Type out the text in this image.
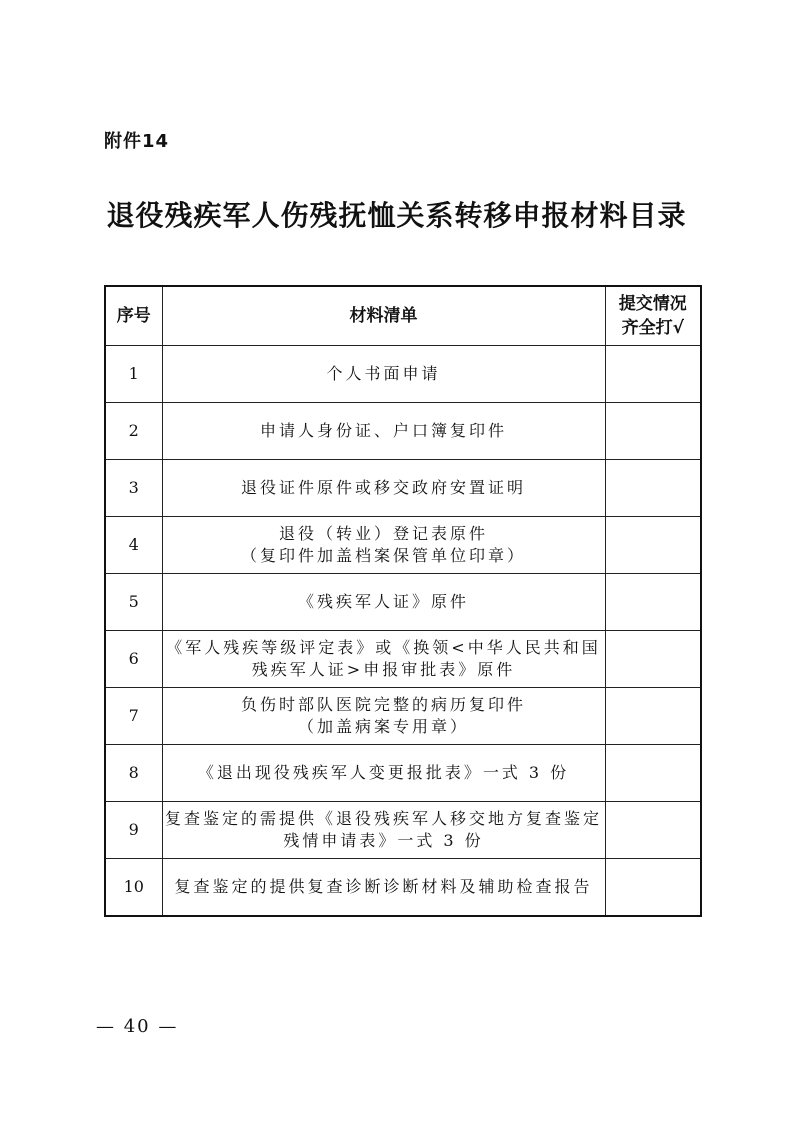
附件14
退役残疾军人伤残抚恤关系转移申报材料目录
序号	材料清单	提交情况
齐全打√

1	个人书面申请	

2	申请人身份证、户口簿复印件	

3	退役证件原件或移交政府安置证明	

4	退役（转业）登记表原件
（复印件加盖档案保管单位印章）	

5	《残疾军人证》原件	

6	《军人残疾等级评定表》或《换领<中华人民共和国
残疾军人证>申报审批表》原件	

7	负伤时部队医院完整的病历复印件
（加盖病案专用章）	

8	《退出现役残疾军人变更报批表》一式 3 份	

9	复查鉴定的需提供《退役残疾军人移交地方复查鉴定
残情申请表》一式 3 份	

10	复查鉴定的提供复查诊断诊断材料及辅助检查报告	

— 40 —
